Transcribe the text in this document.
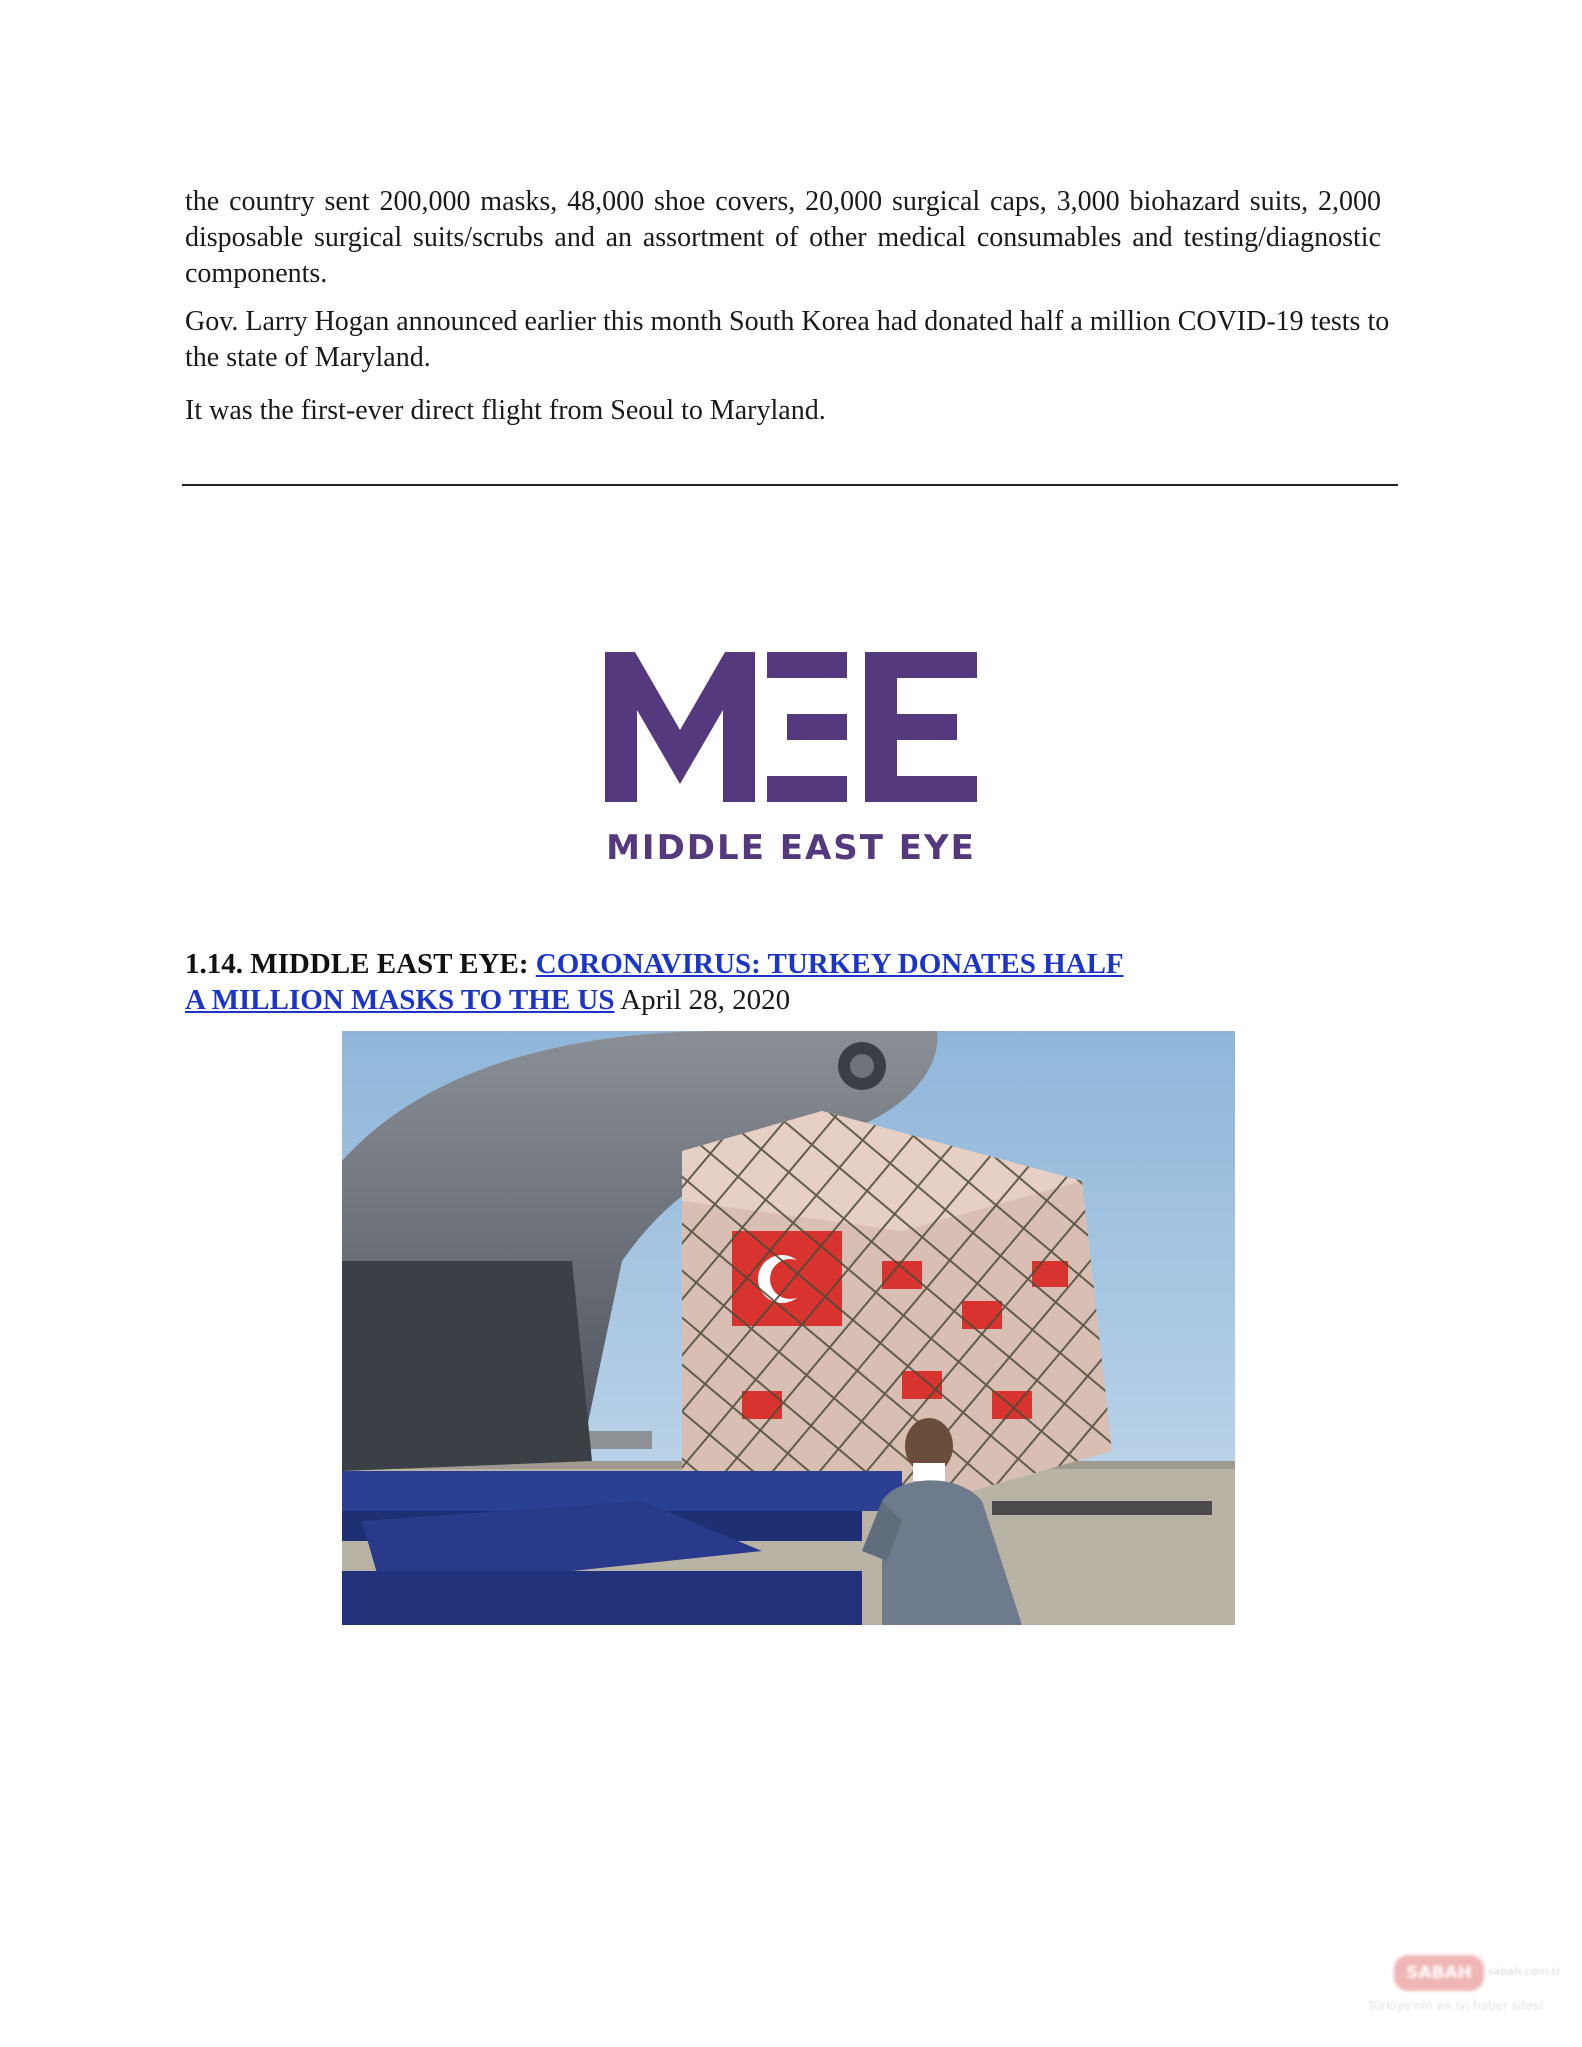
the country sent 200,000 masks, 48,000 shoe covers, 20,000 surgical caps, 3,000 biohazard suits, 2,000 disposable surgical suits/scrubs and an assortment of other medical consumables and testing/diagnostic components.

Gov. Larry Hogan announced earlier this month South Korea had donated half a million COVID-19 tests to the state of Maryland.

It was the first-ever direct flight from Seoul to Maryland.

MIDDLE EAST EYE
1.14. MIDDLE EAST EYE: CORONAVIRUS: TURKEY DONATES HALF A MILLION MASKS TO THE US April 28, 2020
SABAH	sabah.com.tr
Türkiye'nin en iyi haber sitesi
